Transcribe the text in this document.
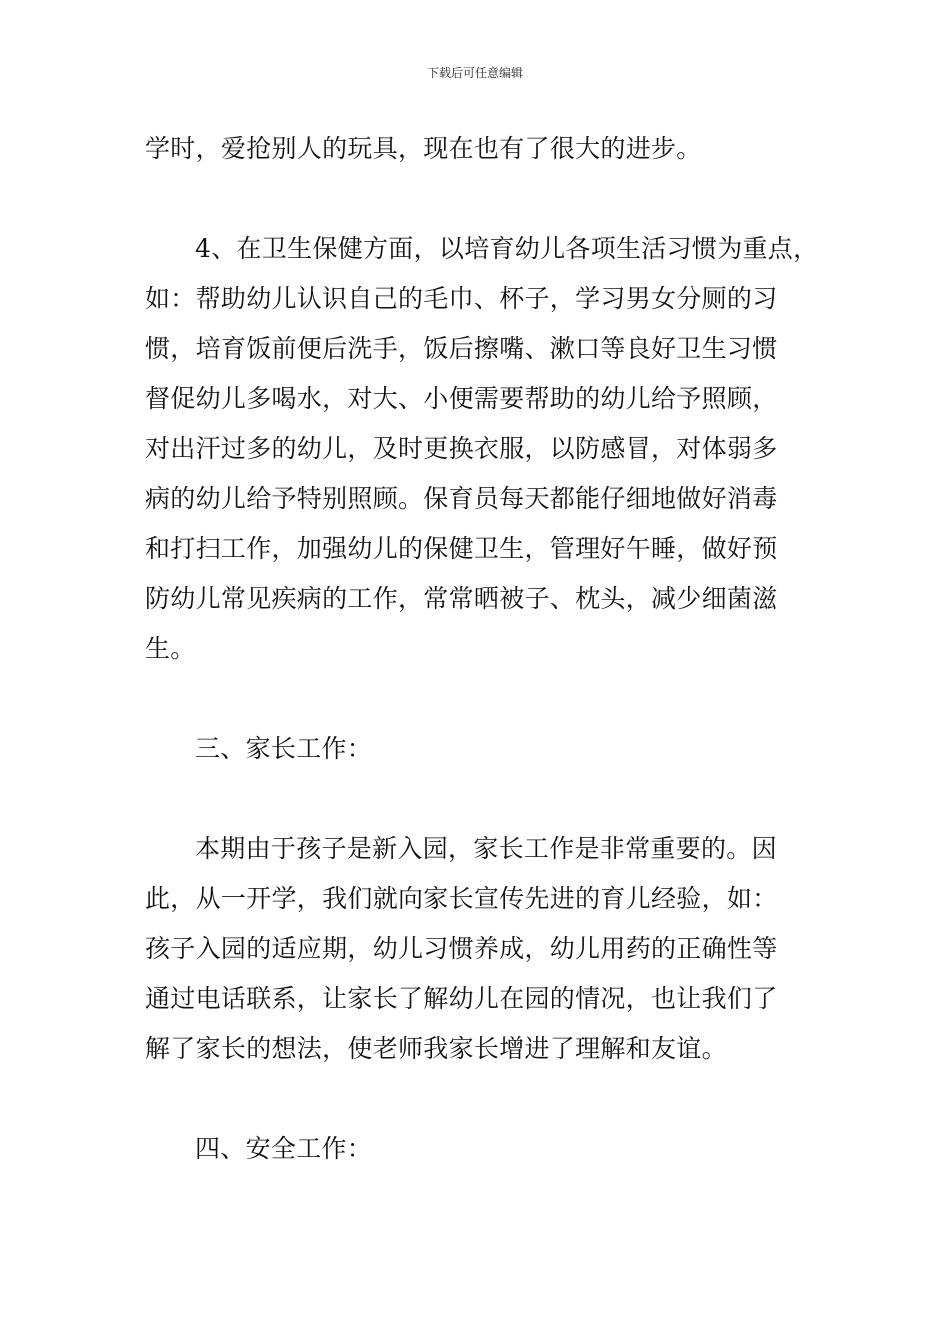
下载后可任意编辑
学时，爱抢别人的玩具，现在也有了很大的进步。
4、在卫生保健方面，以培育幼儿各项生活习惯为重点，
如：帮助幼儿认识自己的毛巾、杯子，学习男女分厕的习
惯，培育饭前便后洗手，饭后擦嘴、漱口等良好卫生习惯
督促幼儿多喝水，对大、小便需要帮助的幼儿给予照顾，
对出汗过多的幼儿，及时更换衣服，以防感冒，对体弱多
病的幼儿给予特别照顾。保育员每天都能仔细地做好消毒
和打扫工作，加强幼儿的保健卫生，管理好午睡，做好预
防幼儿常见疾病的工作，常常晒被子、枕头，减少细菌滋
生。
三、家长工作：
本期由于孩子是新入园，家长工作是非常重要的。因
此，从一开学，我们就向家长宣传先进的育儿经验，如：
孩子入园的适应期，幼儿习惯养成，幼儿用药的正确性等
通过电话联系，让家长了解幼儿在园的情况，也让我们了
解了家长的想法，使老师我家长增进了理解和友谊。
四、安全工作：
